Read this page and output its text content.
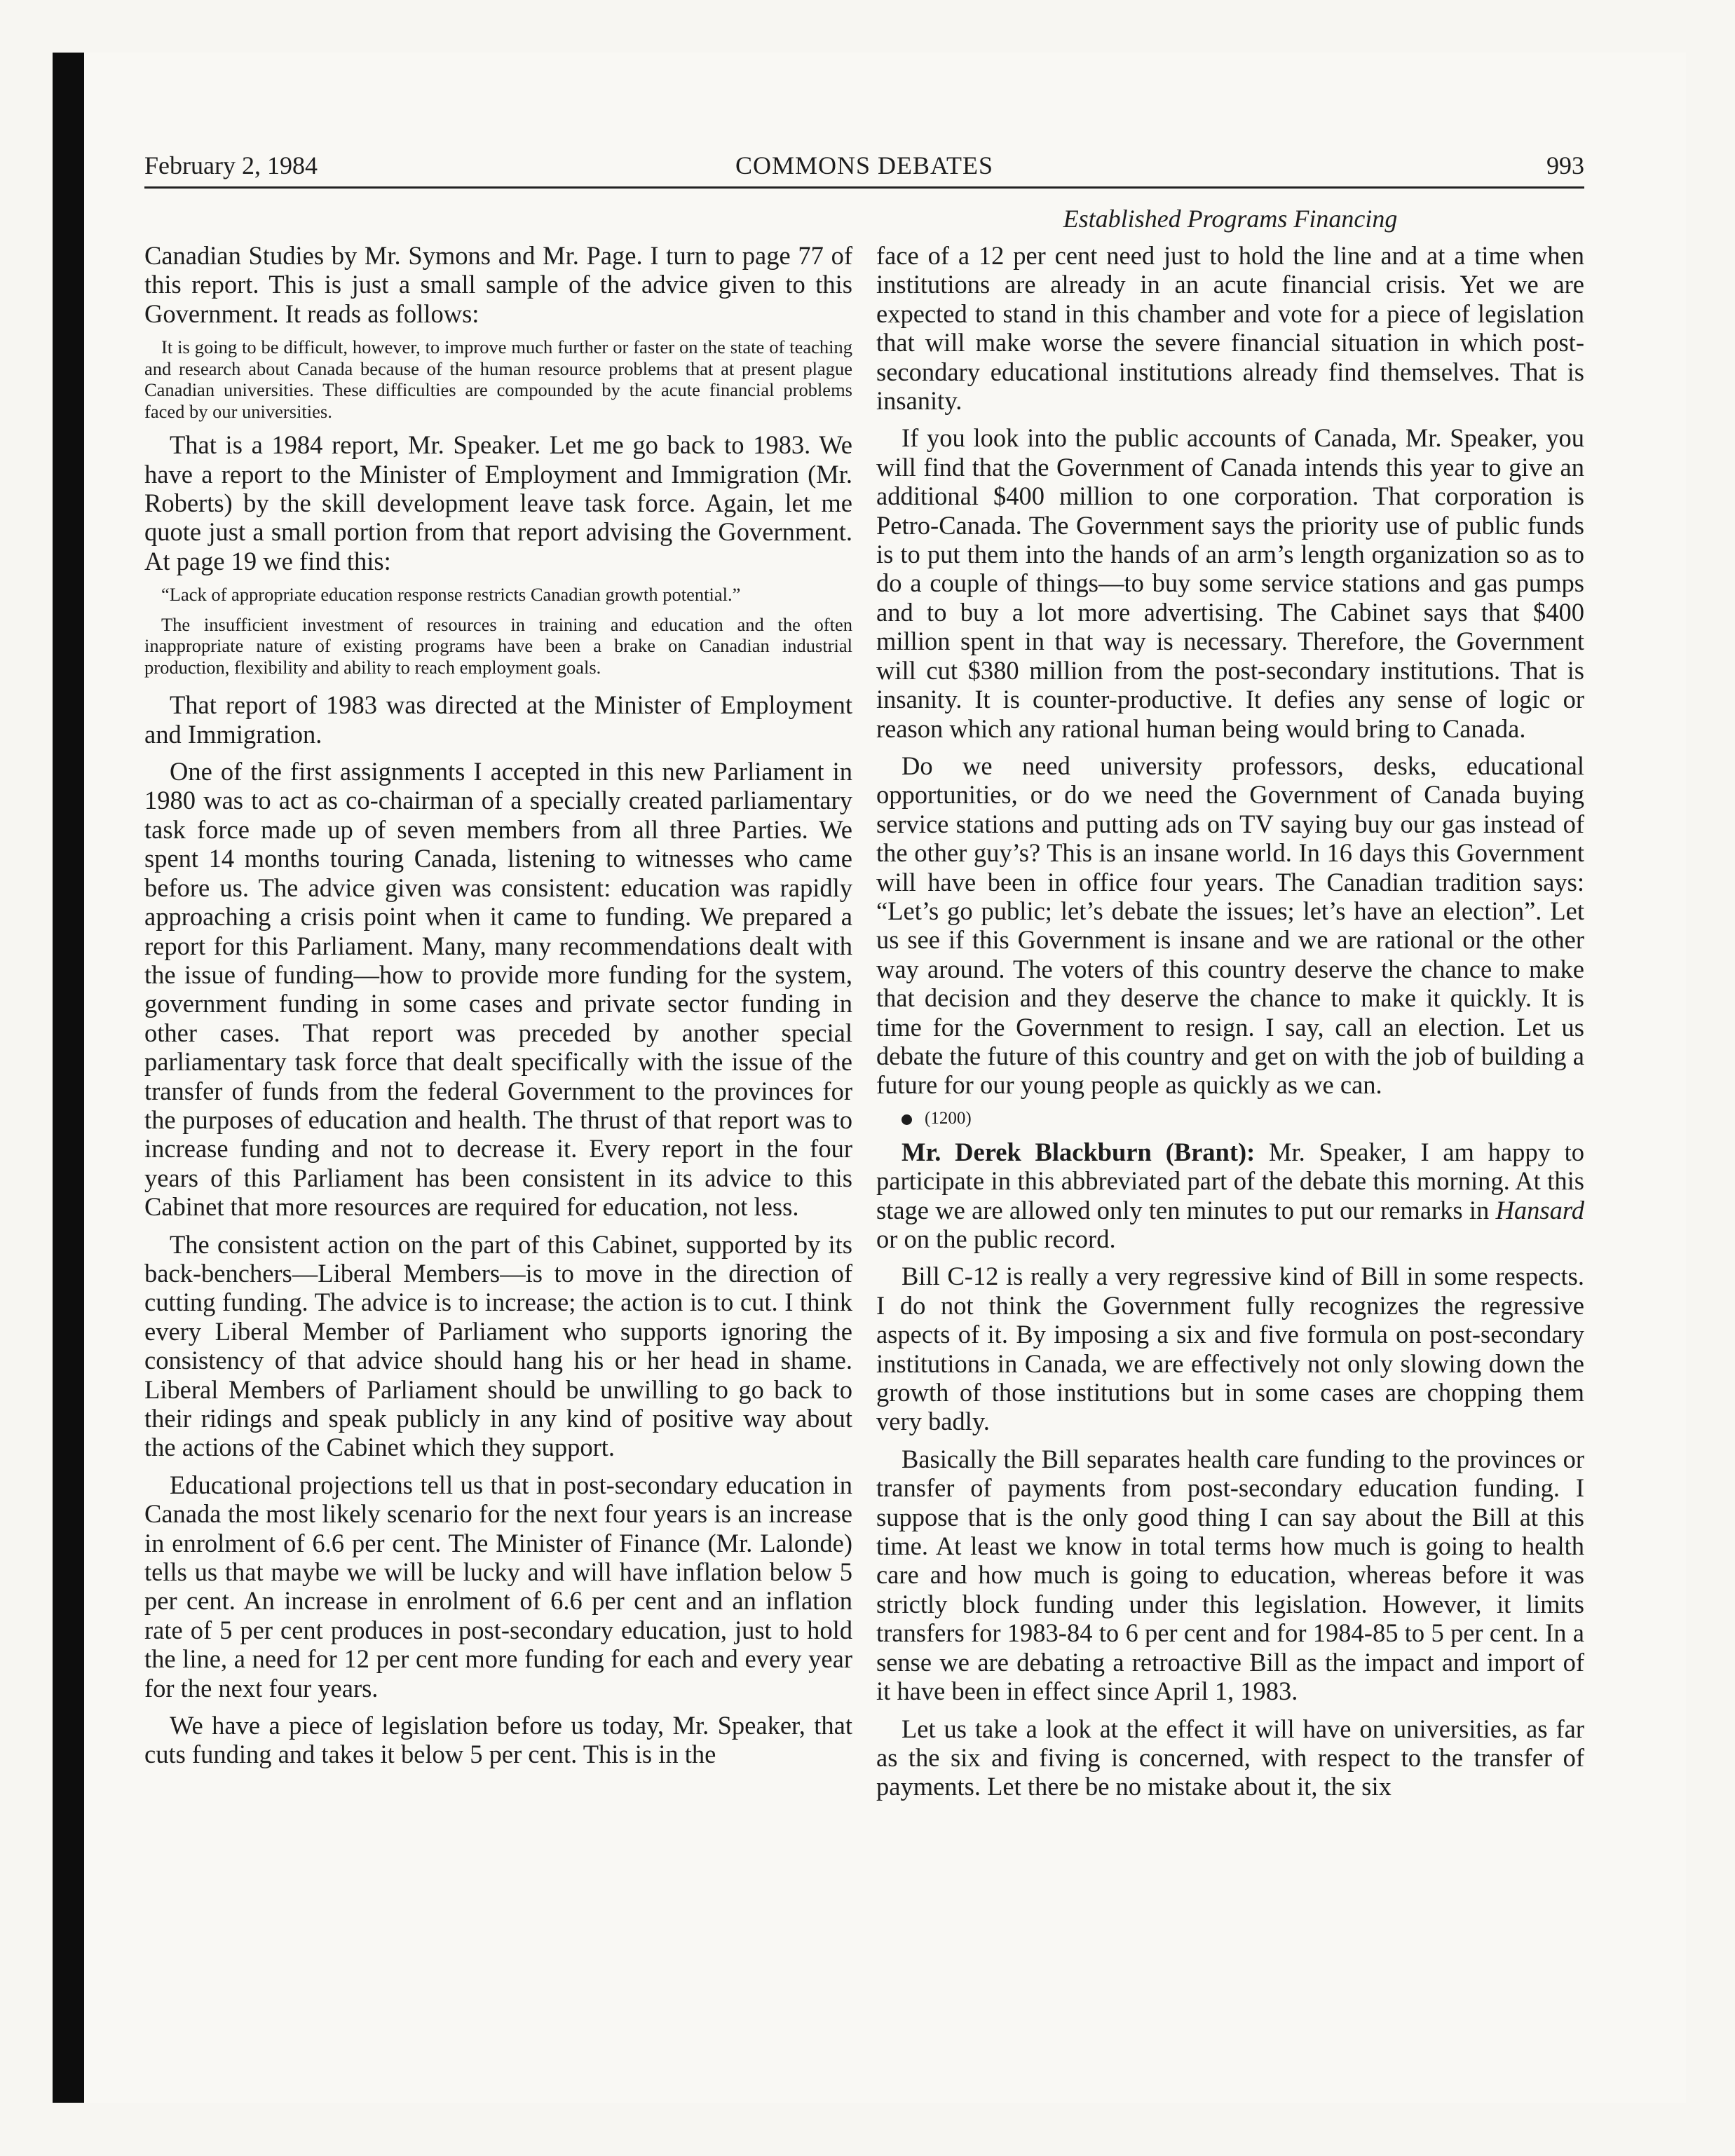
February 2, 1984	COMMONS DEBATES	993
Established Programs Financing

Canadian Studies by Mr. Symons and Mr. Page. I turn to page 77 of this report. This is just a small sample of the advice given to this Government. It reads as follows:

It is going to be difficult, however, to improve much further or faster on the state of teaching and research about Canada because of the human resource problems that at present plague Canadian universities. These difficulties are compounded by the acute financial problems faced by our universities.

That is a 1984 report, Mr. Speaker. Let me go back to 1983. We have a report to the Minister of Employment and Immigration (Mr. Roberts) by the skill development leave task force. Again, let me quote just a small portion from that report advising the Government. At page 19 we find this:

“Lack of appropriate education response restricts Canadian growth potential.”

The insufficient investment of resources in training and education and the often inappropriate nature of existing programs have been a brake on Canadian industrial production, flexibility and ability to reach employment goals.

That report of 1983 was directed at the Minister of Employment and Immigration.

One of the first assignments I accepted in this new Parliament in 1980 was to act as co-chairman of a specially created parliamentary task force made up of seven members from all three Parties. We spent 14 months touring Canada, listening to witnesses who came before us. The advice given was consistent: education was rapidly approaching a crisis point when it came to funding. We prepared a report for this Parliament. Many, many recommendations dealt with the issue of funding—how to provide more funding for the system, government funding in some cases and private sector funding in other cases. That report was preceded by another special parliamentary task force that dealt specifically with the issue of the transfer of funds from the federal Government to the provinces for the purposes of education and health. The thrust of that report was to increase funding and not to decrease it. Every report in the four years of this Parliament has been consistent in its advice to this Cabinet that more resources are required for education, not less.

The consistent action on the part of this Cabinet, supported by its back-benchers—Liberal Members—is to move in the direction of cutting funding. The advice is to increase; the action is to cut. I think every Liberal Member of Parliament who supports ignoring the consistency of that advice should hang his or her head in shame. Liberal Members of Parliament should be unwilling to go back to their ridings and speak publicly in any kind of positive way about the actions of the Cabinet which they support.

Educational projections tell us that in post-secondary education in Canada the most likely scenario for the next four years is an increase in enrolment of 6.6 per cent. The Minister of Finance (Mr. Lalonde) tells us that maybe we will be lucky and will have inflation below 5 per cent. An increase in enrolment of 6.6 per cent and an inflation rate of 5 per cent produces in post-secondary education, just to hold the line, a need for 12 per cent more funding for each and every year for the next four years.

We have a piece of legislation before us today, Mr. Speaker, that cuts funding and takes it below 5 per cent. This is in the

face of a 12 per cent need just to hold the line and at a time when institutions are already in an acute financial crisis. Yet we are expected to stand in this chamber and vote for a piece of legislation that will make worse the severe financial situation in which post-secondary educational institutions already find themselves. That is insanity.

If you look into the public accounts of Canada, Mr. Speaker, you will find that the Government of Canada intends this year to give an additional $400 million to one corporation. That corporation is Petro-Canada. The Government says the priority use of public funds is to put them into the hands of an arm’s length organization so as to do a couple of things—to buy some service stations and gas pumps and to buy a lot more advertising. The Cabinet says that $400 million spent in that way is necessary. Therefore, the Government will cut $380 million from the post-secondary institutions. That is insanity. It is counter-productive. It defies any sense of logic or reason which any rational human being would bring to Canada.

Do we need university professors, desks, educational opportunities, or do we need the Government of Canada buying service stations and putting ads on TV saying buy our gas instead of the other guy’s? This is an insane world. In 16 days this Government will have been in office four years. The Canadian tradition says: “Let’s go public; let’s debate the issues; let’s have an election”. Let us see if this Government is insane and we are rational or the other way around. The voters of this country deserve the chance to make that decision and they deserve the chance to make it quickly. It is time for the Government to resign. I say, call an election. Let us debate the future of this country and get on with the job of building a future for our young people as quickly as we can.

(1200)

Mr. Derek Blackburn (Brant): Mr. Speaker, I am happy to participate in this abbreviated part of the debate this morning. At this stage we are allowed only ten minutes to put our remarks in Hansard or on the public record.

Bill C-12 is really a very regressive kind of Bill in some respects. I do not think the Government fully recognizes the regressive aspects of it. By imposing a six and five formula on post-secondary institutions in Canada, we are effectively not only slowing down the growth of those institutions but in some cases are chopping them very badly.

Basically the Bill separates health care funding to the provinces or transfer of payments from post-secondary education funding. I suppose that is the only good thing I can say about the Bill at this time. At least we know in total terms how much is going to health care and how much is going to education, whereas before it was strictly block funding under this legislation. However, it limits transfers for 1983-84 to 6 per cent and for 1984-85 to 5 per cent. In a sense we are debating a retroactive Bill as the impact and import of it have been in effect since April 1, 1983.

Let us take a look at the effect it will have on universities, as far as the six and fiving is concerned, with respect to the transfer of payments. Let there be no mistake about it, the six
